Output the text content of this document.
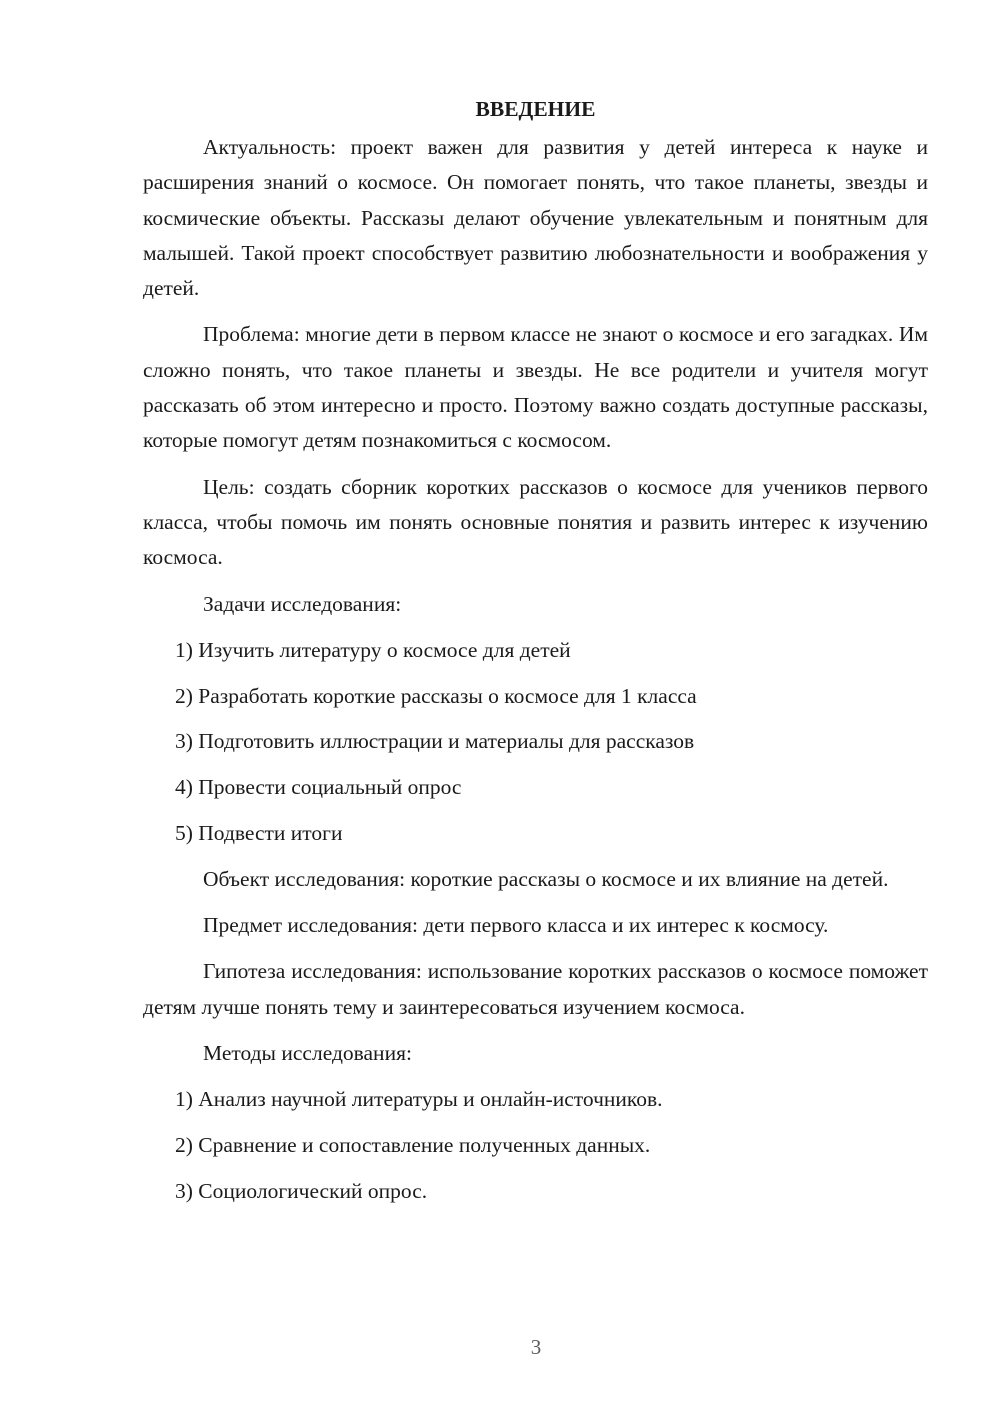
ВВЕДЕНИЕ

Актуальность: проект важен для развития у детей интереса к науке и расширения знаний о космосе. Он помогает понять, что такое планеты, звезды и космические объекты. Рассказы делают обучение увлекательным и понятным для малышей. Такой проект способствует развитию любознательности и воображения у детей.

Проблема: многие дети в первом классе не знают о космосе и его загадках. Им сложно понять, что такое планеты и звезды. Не все родители и учителя могут рассказать об этом интересно и просто. Поэтому важно создать доступные рассказы, которые помогут детям познакомиться с космосом.

Цель: создать сборник коротких рассказов о космосе для учеников первого класса, чтобы помочь им понять основные понятия и развить интерес к изучению космоса.

Задачи исследования:

1) Изучить литературу о космосе для детей
2) Разработать короткие рассказы о космосе для 1 класса
3) Подготовить иллюстрации и материалы для рассказов
4) Провести социальный опрос
5) Подвести итоги

Объект исследования: короткие рассказы о космосе и их влияние на детей.

Предмет исследования: дети первого класса и их интерес к космосу.

Гипотеза исследования: использование коротких рассказов о космосе поможет детям лучше понять тему и заинтересоваться изучением космоса.

Методы исследования:

1) Анализ научной литературы и онлайн-источников.
2) Сравнение и сопоставление полученных данных.
3) Социологический опрос.
3
